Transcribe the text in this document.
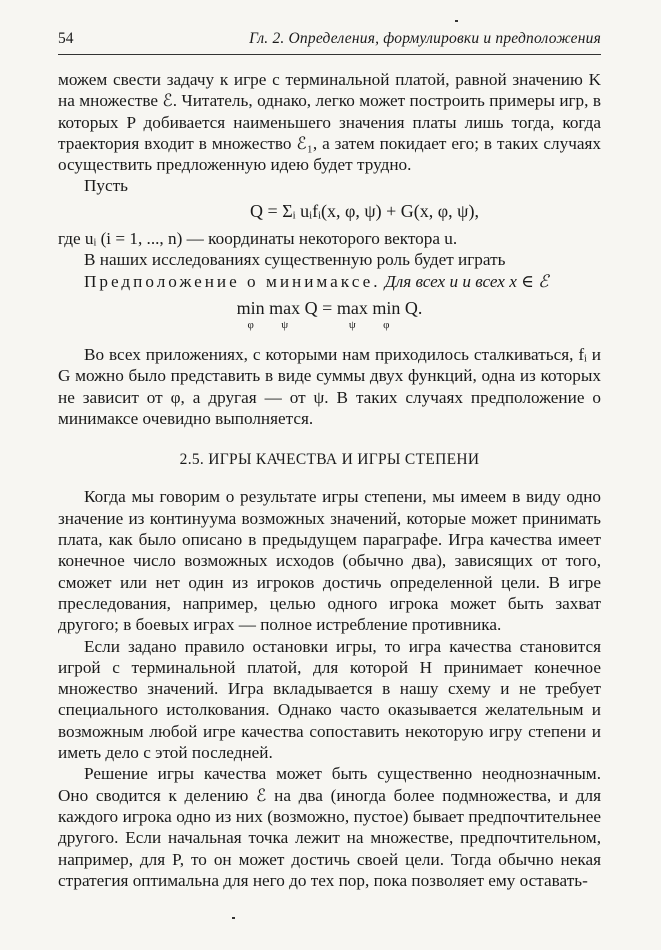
54	Гл. 2. Определения, формулировки и предположения

можем свести задачу к игре с терминальной платой, равной значению K на множестве ℰ. Читатель, однако, легко может построить примеры игр, в которых P добивается наименьшего значения платы лишь тогда, когда траектория входит в множество ℰ₁, а затем покидает его; в таких случаях осуществить предложенную идею будет трудно.

Пусть

Q = Σᵢ uᵢfᵢ(x, φ, ψ) + G(x, φ, ψ),

где uᵢ (i = 1, ..., n) — координаты некоторого вектора u.

В наших исследованиях существенную роль будет играть

Предположение о минимаксе. Для всех u и всех x ∈ ℰ

min
φ
max
ψ
Q = max
ψ
min
φ
Q.

Во всех приложениях, с которыми нам приходилось сталкиваться, fᵢ и G можно было представить в виде суммы двух функций, одна из которых не зависит от φ, а другая — от ψ. В таких случаях предположение о минимаксе очевидно выполняется.

2.5. ИГРЫ КАЧЕСТВА И ИГРЫ СТЕПЕНИ

Когда мы говорим о результате игры степени, мы имеем в виду одно значение из континуума возможных значений, которые может принимать плата, как было описано в предыдущем параграфе. Игра качества имеет конечное число возможных исходов (обычно два), зависящих от того, сможет или нет один из игроков достичь определенной цели. В игре преследования, например, целью одного игрока может быть захват другого; в боевых играх — полное истребление противника.

Если задано правило остановки игры, то игра качества становится игрой с терминальной платой, для которой H принимает конечное множество значений. Игра вкладывается в нашу схему и не требует специального истолкования. Однако часто оказывается желательным и возможным любой игре качества сопоставить некоторую игру степени и иметь дело с этой последней.

Решение игры качества может быть существенно неоднозначным. Оно сводится к делению ℰ на два (иногда более подмножества, и для каждого игрока одно из них (возможно, пустое) бывает предпочтительнее другого. Если начальная точка лежит на множестве, предпочтительном, например, для P, то он может достичь своей цели. Тогда обычно некая стратегия оптимальна для него до тех пор, пока позволяет ему оставать-
